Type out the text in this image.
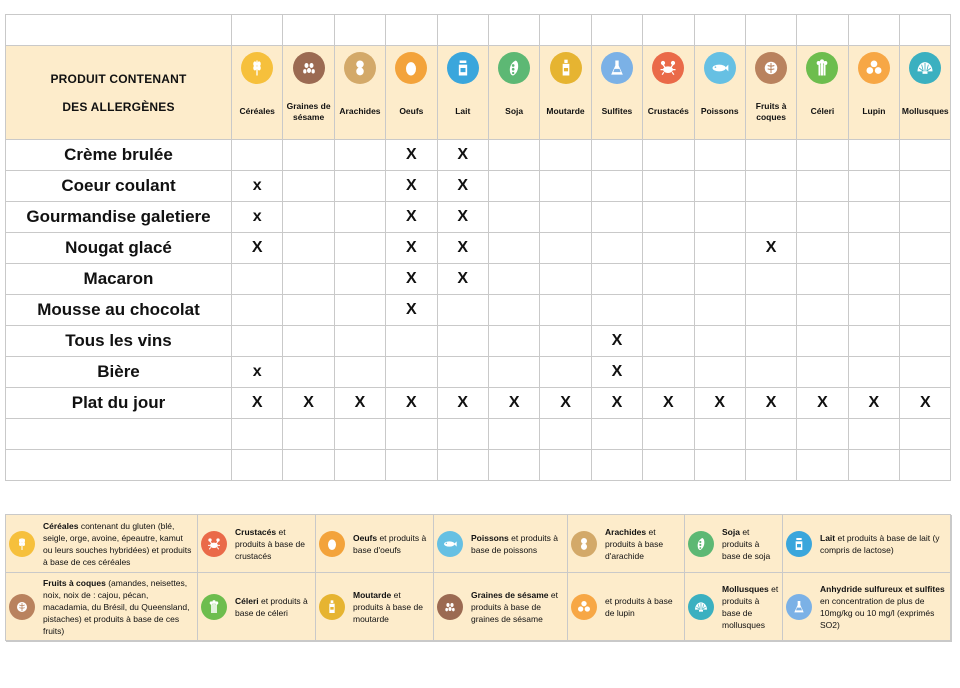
PRODUIT CONTENANT
DES ALLERGÈNES	Céréales	Graines de sésame	Arachides	Oeufs	Lait	Soja	Moutarde	Sulfites	Crustacés	Poissons	Fruits à coques	Céleri	Lupin	Mollusques

Crème brulée				X	X									
Coeur coulant	x			X	X									
Gourmandise galetiere	x			X	X									
Nougat glacé	X			X	X						X			
Macaron				X	X									
Mousse au chocolat				X										
Tous les vins								X						
Bière	x							X						
Plat du jour	X	X	X	X	X	X	X	X	X	X	X	X	X	X

Céréales contenant du gluten (blé, seigle, orge, avoine, épeautre, kamut ou leurs souches hybridées) et produits à base de ces céréales
Crustacés et produits à base de crustacés
Oeufs et produits à base d'oeufs
Poissons et produits à base de poissons
Arachides et produits à base d'arachide
Soja et produits à base de soja
Lait et produits à base de lait (y compris de lactose)
Fruits à coques (amandes, neisettes, noix, noix de : cajou, pécan, macadamia, du Brésil, du Queensland, pistaches) et produits à base de ces fruits)
Céleri et produits à base de céleri
Moutarde et produits à base de moutarde
Graines de sésame et produits à base de graines de sésame
et produits à base de lupin
Mollusques et produits à base de mollusques
Anhydride sulfureux et sulfites en concentration de plus de 10mg/kg ou 10 mg/l (exprimés SO2)
